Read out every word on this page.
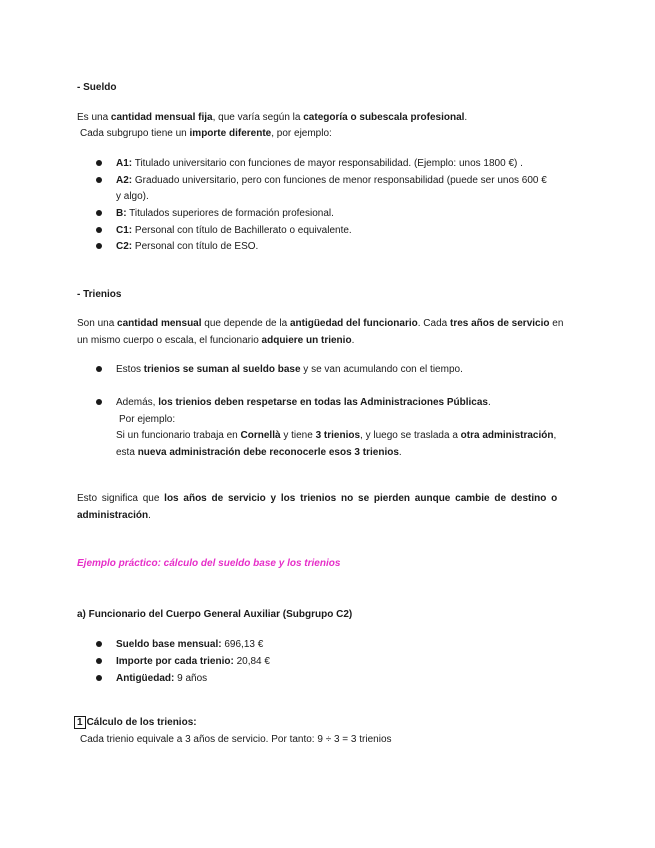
- Sueldo
Es una cantidad mensual fija, que varía según la categoría o subescala profesional.
Cada subgrupo tiene un importe diferente, por ejemplo:
A1: Titulado universitario con funciones de mayor responsabilidad. (Ejemplo: unos 1800 €) .
A2: Graduado universitario, pero con funciones de menor responsabilidad (puede ser unos 600 €
y algo).
B: Titulados superiores de formación profesional.
C1: Personal con título de Bachillerato o equivalente.
C2: Personal con título de ESO.
- Trienios
Son una cantidad mensual que depende de la antigüedad del funcionario. Cada tres años de servicio en
un mismo cuerpo o escala, el funcionario adquiere un trienio.
Estos trienios se suman al sueldo base y se van acumulando con el tiempo.
Además, los trienios deben respetarse en todas las Administraciones Públicas.
Por ejemplo:
Si un funcionario trabaja en Cornellà y tiene 3 trienios, y luego se traslada a otra administración,
esta nueva administración debe reconocerle esos 3 trienios.
Esto significa que los años de servicio y los trienios no se pierden aunque cambie de destino o
administración.
Ejemplo práctico: cálculo del sueldo base y los trienios
a) Funcionario del Cuerpo General Auxiliar (Subgrupo C2)
Sueldo base mensual: 696,13 €
Importe por cada trienio: 20,84 €
Antigüedad: 9 años
1 Cálculo de los trienios:
Cada trienio equivale a 3 años de servicio. Por tanto: 9 ÷ 3 = 3 trienios
